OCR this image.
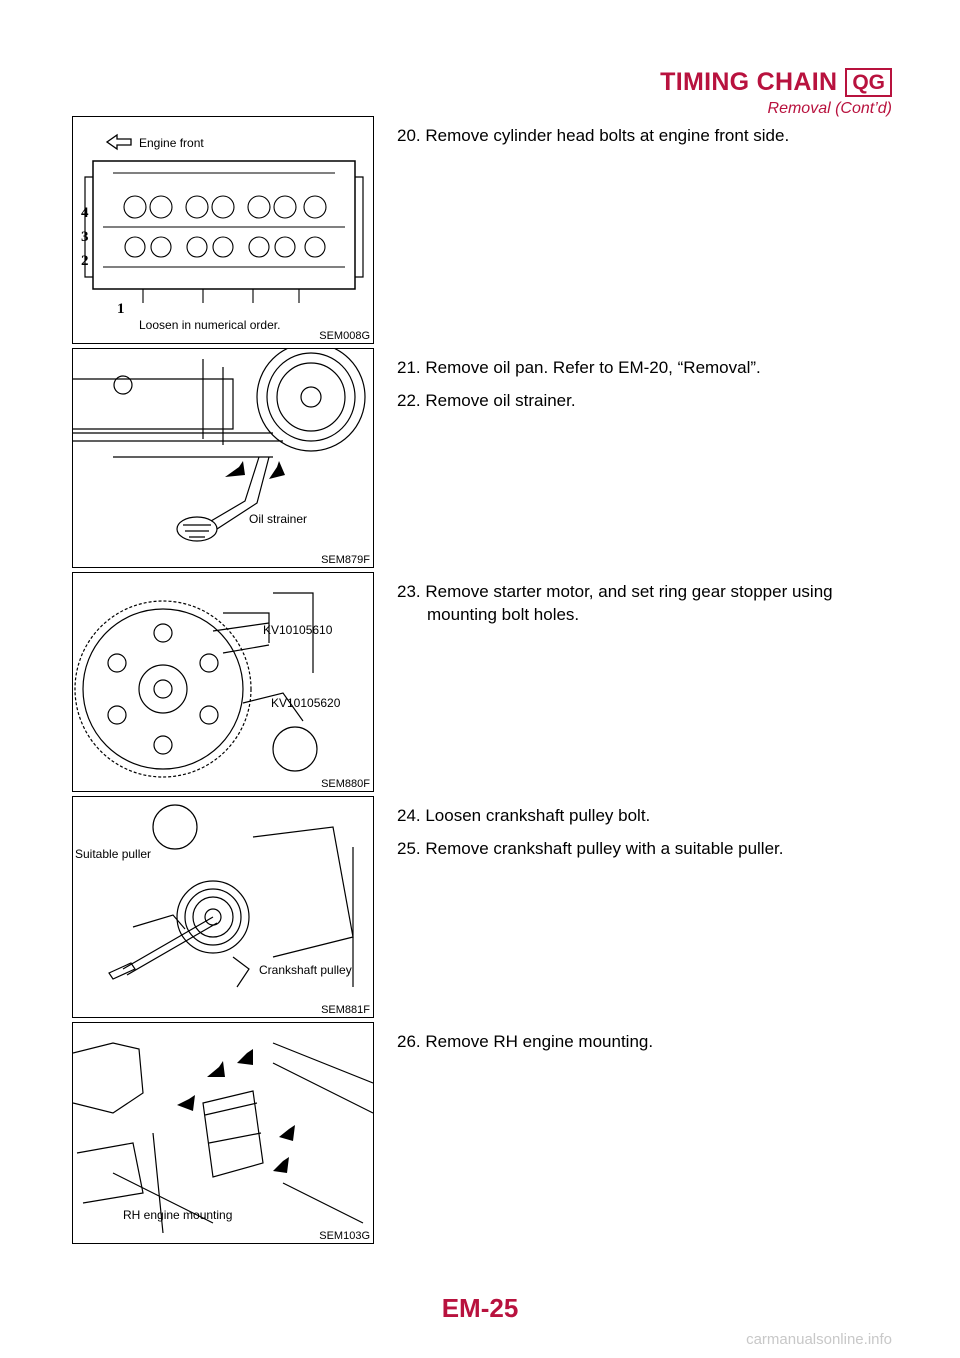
TIMING CHAIN QG
Removal (Cont’d)
Engine front
4
3
2
1
Loosen in numerical order.
SEM008G
Oil strainer
SEM879F
KV10105610
KV10105620
SEM880F
Suitable puller
Crankshaft pulley
SEM881F
RH engine mounting
SEM103G

20. Remove cylinder head bolts at engine front side.

21. Remove oil pan. Refer to EM-20, “Removal”.

22. Remove oil strainer.

23. Remove starter motor, and set ring gear stopper using mounting bolt holes.

24. Loosen crankshaft pulley bolt.

25. Remove crankshaft pulley with a suitable puller.

26. Remove RH engine mounting.

EM-25
carmanualsonline.info
